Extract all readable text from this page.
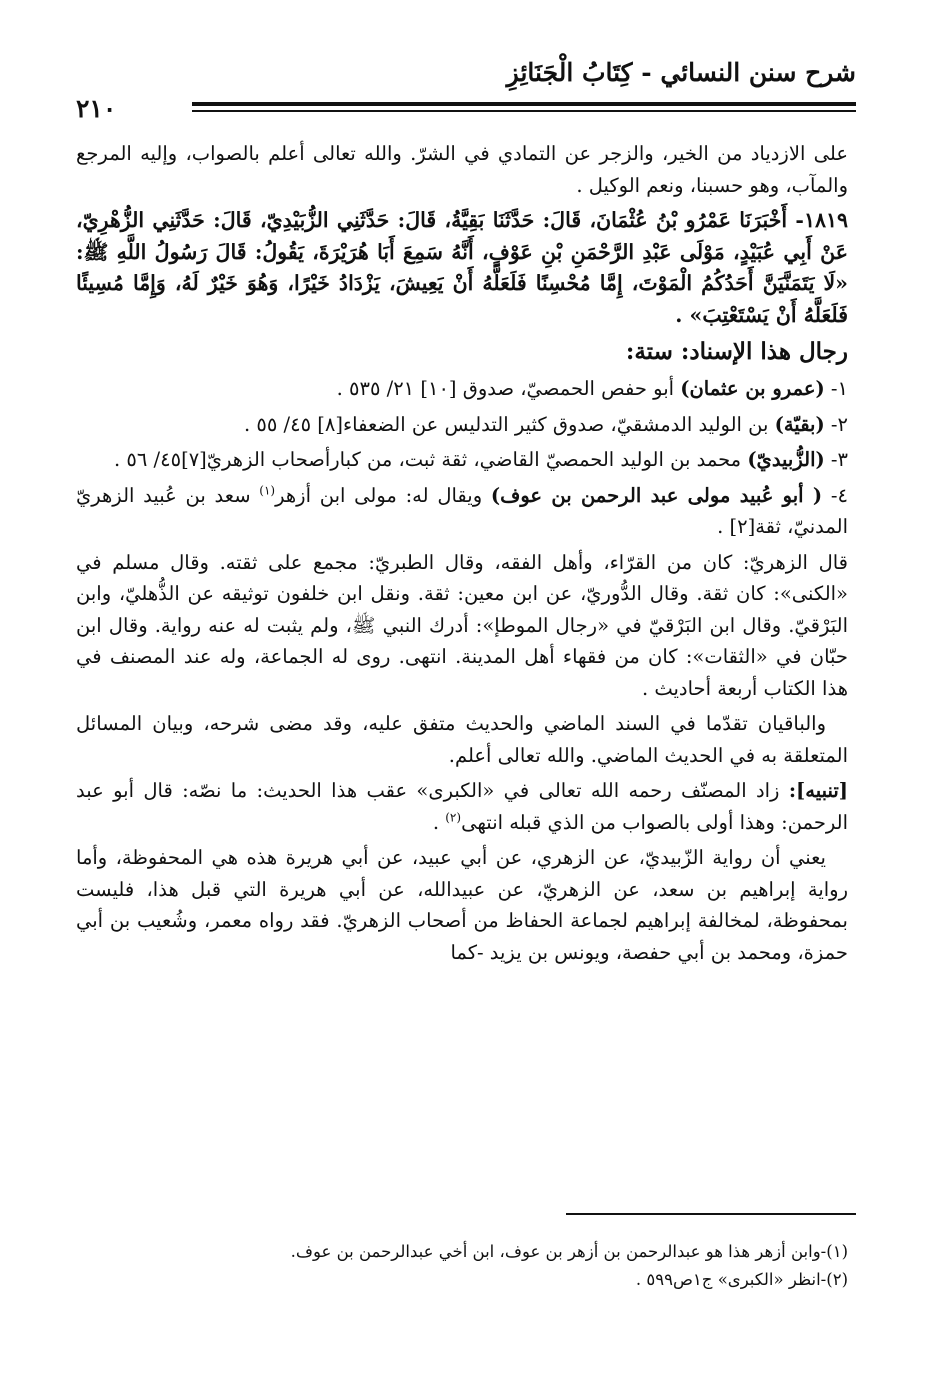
شرح سنن النسائي - كِتَابُ الْجَنَائِزِ
٢١٠

على الازدياد من الخير، والزجر عن التمادي في الشرّ. والله تعالى أعلم بالصواب، وإليه المرجع والمآب، وهو حسبنا، ونعم الوكيل .

١٨١٩- أَخْبَرَنَا عَمْرُو بْنُ عُثْمَانَ، قَالَ: حَدَّثَنَا بَقِيَّةُ، قَالَ: حَدَّثَنِي الزُّبَيْدِيّ، قَالَ: حَدَّثَنِي الزُّهْرِيّ، عَنْ أَبِي عُبَيْدٍ، مَوْلَى عَبْدِ الرَّحْمَنِ بْنِ عَوْفٍ، أَنَّهُ سَمِعَ أَبَا هُرَيْرَةَ، يَقُولُ: قَالَ رَسُولُ اللَّهِ ﷺ: «لَا يَتَمَنَّيَنَّ أَحَدُكُمُ الْمَوْتَ، إِمَّا مُحْسِنًا فَلَعَلَّهُ أَنْ يَعِيشَ، يَزْدَادُ خَيْرًا، وَهُوَ خَيْرٌ لَهُ، وَإِمَّا مُسِيئًا فَلَعَلَّهُ أَنْ يَسْتَعْتِبَ» .

رجال هذا الإسناد: ستة:

١- (عمرو بن عثمان) أبو حفص الحمصيّ، صدوق [١٠] ٢١/ ٥٣٥ .

٢- (بقيّة) بن الوليد الدمشقيّ، صدوق كثير التدليس عن الضعفاء[٨] ٤٥/ ٥٥ .

٣- (الزُّبيديّ) محمد بن الوليد الحمصيّ القاضي، ثقة ثبت، من كبارأصحاب الزهريّ[٧]٤٥/ ٥٦ .

٤- ( أبو عُبيد مولى عبد الرحمن بن عوف) ويقال له: مولى ابن أزهر$^{(١)}$ سعد بن عُبيد الزهريّ المدنيّ، ثقة[٢] .

قال الزهريّ: كان من القرّاء، وأهل الفقه، وقال الطبريّ: مجمع على ثقته. وقال مسلم في «الكنى»: كان ثقة. وقال الدُّوريّ، عن ابن معين: ثقة. ونقل ابن خلفون توثيقه عن الذُّهليّ، وابن البَرْقيّ. وقال ابن البَرْقيّ في «رجال الموطإ»: أدرك النبي ﷺ، ولم يثبت له عنه رواية. وقال ابن حبّان في «الثقات»: كان من فقهاء أهل المدينة. انتهى. روى له الجماعة، وله عند المصنف في هذا الكتاب أربعة أحاديث .

والباقيان تقدّما في السند الماضي والحديث متفق عليه، وقد مضى شرحه، وبيان المسائل المتعلقة به في الحديث الماضي. والله تعالى أعلم.

[تنبيه]: زاد المصنّف رحمه الله تعالى في «الكبرى» عقب هذا الحديث: ما نصّه: قال أبو عبد الرحمن: وهذا أولى بالصواب من الذي قبله انتهى$^{(٢)}$ .

يعني أن رواية الزّبيديّ، عن الزهري، عن أبي عبيد، عن أبي هريرة هذه هي المحفوظة، وأما رواية إبراهيم بن سعد، عن الزهريّ، عن عبيدالله، عن أبي هريرة التي قبل هذا، فليست بمحفوظة، لمخالفة إبراهيم لجماعة الحفاظ من أصحاب الزهريّ. فقد رواه معمر، وشُعيب بن أبي حمزة، ومحمد بن أبي حفصة، ويونس بن يزيد -كما

(١)-وابن أزهر هذا هو عبدالرحمن بن أزهر بن عوف، ابن أخي عبدالرحمن بن عوف.

(٢)-انظر «الكبرى» ج١ص٥٩٩ .
